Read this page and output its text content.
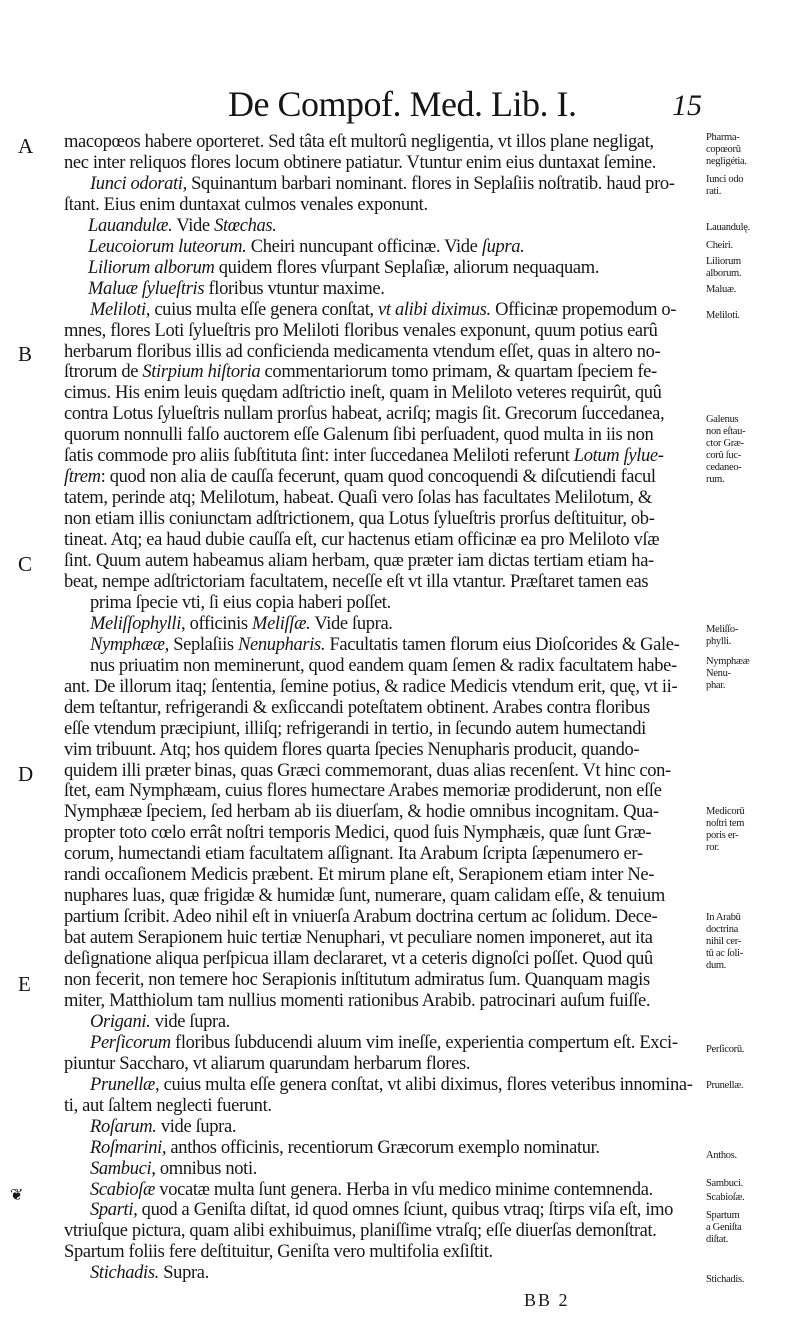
De Compof. Med. Lib. I.	15
A
B
C
D
E
❦
macopœos habere oporteret. Sed tâta eſt multorû negligentia, vt illos plane negligat,
nec inter reliquos flores locum obtinere patiatur. Vtuntur enim eius duntaxat ſemine.
Iunci odorati, Squinantum barbari nominant. flores in Seplaſiis noſtratib. haud pro-
ſtant. Eius enim duntaxat culmos venales exponunt.
Lauandulæ. Vide Stœchas.
Leucoiorum luteorum. Cheiri nuncupant officinæ. Vide ſupra.
Liliorum alborum quidem flores vſurpant Seplaſiæ, aliorum nequaquam.
Maluæ ſylueſtris floribus vtuntur maxime.
Meliloti, cuius multa eſſe genera conſtat, vt alibi diximus. Officinæ propemodum o-
mnes, flores Loti ſylueſtris pro Meliloti floribus venales exponunt, quum potius earû
herbarum floribus illis ad conficienda medicamenta vtendum eſſet, quas in altero no-
ſtrorum de Stirpium hiſtoria commentariorum tomo primam, & quartam ſpeciem fe-
cimus. His enim leuis quędam adſtrictio ineſt, quam in Meliloto veteres requirût, quû
contra Lotus ſylueſtris nullam prorſus habeat, acriſq; magis ſit. Grecorum ſuccedanea,
quorum nonnulli falſo auctorem eſſe Galenum ſibi perſuadent, quod multa in iis non
ſatis commode pro aliis ſubſtituta ſint: inter ſuccedanea Meliloti referunt Lotum ſylue-
ſtrem: quod non alia de cauſſa fecerunt, quam quod concoquendi & diſcutiendi facul
tatem, perinde atq; Melilotum, habeat. Quaſi vero ſolas has facultates Melilotum, &
non etiam illis coniunctam adſtrictionem, qua Lotus ſylueſtris prorſus deſtituitur, ob-
tineat. Atq; ea haud dubie cauſſa eſt, cur hactenus etiam officinæ ea pro Meliloto vſæ
ſint. Quum autem habeamus aliam herbam, quæ præter iam dictas tertiam etiam ha-
beat, nempe adſtrictoriam facultatem, neceſſe eſt vt illa vtantur. Præſtaret tamen eas
prima ſpecie vti, ſi eius copia haberi poſſet.
Meliſſophylli, officinis Meliſſæ. Vide ſupra.
Nymphææ, Seplaſiis Nenupharis. Facultatis tamen florum eius Dioſcorides & Gale-
nus priuatim non meminerunt, quod eandem quam ſemen & radix facultatem habe-
ant. De illorum itaq; ſententia, ſemine potius, & radice Medicis vtendum erit, quę, vt ii-
dem teſtantur, refrigerandi & exſiccandi poteſtatem obtinent. Arabes contra floribus
eſſe vtendum præcipiunt, illiſq; refrigerandi in tertio, in ſecundo autem humectandi
vim tribuunt. Atq; hos quidem flores quarta ſpecies Nenupharis producit, quando-
quidem illi præter binas, quas Græci commemorant, duas alias recenſent. Vt hinc con-
ſtet, eam Nymphæam, cuius flores humectare Arabes memoriæ prodiderunt, non eſſe
Nymphææ ſpeciem, ſed herbam ab iis diuerſam, & hodie omnibus incognitam. Qua-
propter toto cœlo errât noſtri temporis Medici, quod ſuis Nymphæis, quæ ſunt Græ-
corum, humectandi etiam facultatem aſſignant. Ita Arabum ſcripta ſæpenumero er-
randi occaſionem Medicis præbent. Et mirum plane eſt, Serapionem etiam inter Ne-
nuphares luas, quæ frigidæ & humidæ ſunt, numerare, quam calidam eſſe, & tenuium
partium ſcribit. Adeo nihil eſt in vniuerſa Arabum doctrina certum ac ſolidum. Dece-
bat autem Serapionem huic tertiæ Nenuphari, vt peculiare nomen imponeret, aut ita
deſignatione aliqua perſpicua illam declararet, vt a ceteris dignoſci poſſet. Quod quû
non fecerit, non temere hoc Serapionis inſtitutum admiratus ſum. Quanquam magis
miter, Matthiolum tam nullius momenti rationibus Arabib. patrocinari auſum fuiſſe.
Origani. vide ſupra.
Perſicorum floribus ſubducendi aluum vim ineſſe, experientia compertum eſt. Exci-
piuntur Saccharo, vt aliarum quarundam herbarum flores.
Prunellæ, cuius multa eſſe genera conſtat, vt alibi diximus, flores veteribus innomina-
ti, aut ſaltem neglecti fuerunt.
Roſarum. vide ſupra.
Roſmarini, anthos officinis, recentiorum Græcorum exemplo nominatur.
Sambuci, omnibus noti.
Scabioſæ vocatæ multa ſunt genera. Herba in vſu medico minime contemnenda.
Sparti, quod a Geniſta diſtat, id quod omnes ſciunt, quibus vtraq; ſtirps viſa eſt, imo
vtriuſque pictura, quam alibi exhibuimus, planiſſime vtraſq; eſſe diuerſas demonſtrat.
Spartum foliis fere deſtituitur, Geniſta vero multifolia exſiſtit.
Stichadis. Supra.
Pharma-
copœorû
negligétia.
Iunci odo
rati.
Lauandulę.
Cheiri.
Liliorum
alborum.
Maluæ.
Meliloti.
Galenus
non eſtau-
ctor Græ-
corû ſuc-
cedaneo-
rum.
Meliſſo-
phylli.
Nymphææ
Nenu-
phar.
Medicorū
noſtri tem
poris er-
ror.
In Arabū
doctrina
nihil cer-
tū ac ſoli-
dum.
Perſicorū.
Prunellæ.
Anthos.
Sambuci.
Scabioſæ.
Spartum
a Geniſta
diſtat.
Stichadis.
BB 2
